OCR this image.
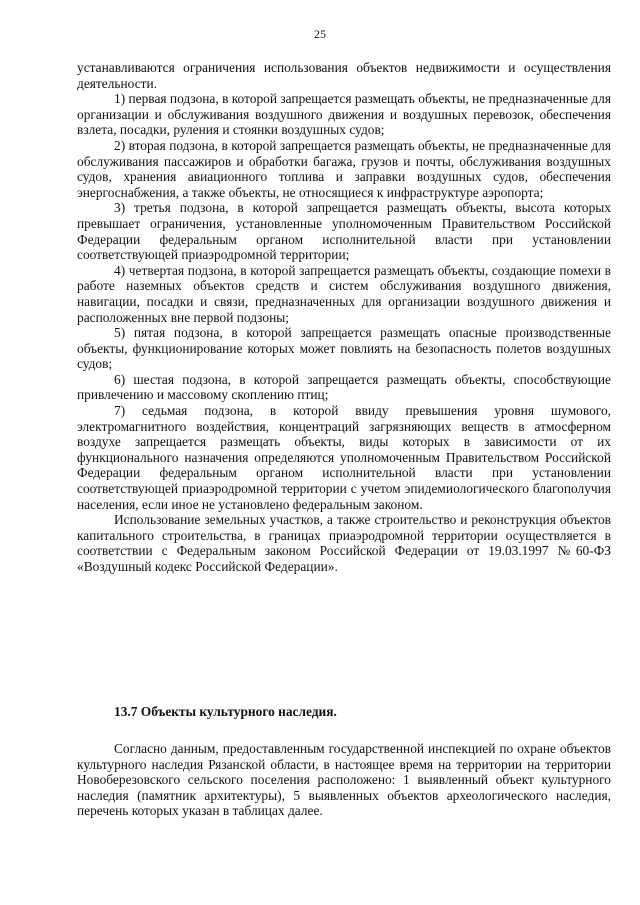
25

устанавливаются ограничения использования объектов недвижимости и осуществления деятельности.

1) первая подзона, в которой запрещается размещать объекты, не предназначенные для организации и обслуживания воздушного движения и воздушных перевозок, обеспечения взлета, посадки, руления и стоянки воздушных судов;

2) вторая подзона, в которой запрещается размещать объекты, не предназначенные для обслуживания пассажиров и обработки багажа, грузов и почты, обслуживания воздушных судов, хранения авиационного топлива и заправки воздушных судов, обеспечения энергоснабжения, а также объекты, не относящиеся к инфраструктуре аэропорта;

3) третья подзона, в которой запрещается размещать объекты, высота которых превышает ограничения, установленные уполномоченным Правительством Российской Федерации федеральным органом исполнительной власти при установлении соответствующей приаэродромной территории;

4) четвертая подзона, в которой запрещается размещать объекты, создающие помехи в работе наземных объектов средств и систем обслуживания воздушного движения, навигации, посадки и связи, предназначенных для организации воздушного движения и расположенных вне первой подзоны;

5) пятая подзона, в которой запрещается размещать опасные производственные объекты, функционирование которых может повлиять на безопасность полетов воздушных судов;

6) шестая подзона, в которой запрещается размещать объекты, способствующие привлечению и массовому скоплению птиц;

7) седьмая подзона, в которой ввиду превышения уровня шумового, электромагнитного воздействия, концентраций загрязняющих веществ в атмосферном воздухе запрещается размещать объекты, виды которых в зависимости от их функционального назначения определяются уполномоченным Правительством Российской Федерации федеральным органом исполнительной власти при установлении соответствующей приаэродромной территории с учетом эпидемиологического благополучия населения, если иное не установлено федеральным законом.

Использование земельных участков, а также строительство и реконструкция объектов капитального строительства, в границах приаэродромной территории осуществляется в соответствии с Федеральным законом Российской Федерации от 19.03.1997 №60-ФЗ «Воздушный кодекс Российской Федерации».

13.7 Объекты культурного наследия.

Согласно данным, предоставленным государственной инспекцией по охране объектов культурного наследия Рязанской области, в настоящее время на территории на территории Новоберезовского сельского поселения расположено: 1 выявленный объект культурного наследия (памятник архитектуры), 5 выявленных объектов археологического наследия, перечень которых указан в таблицах далее.
